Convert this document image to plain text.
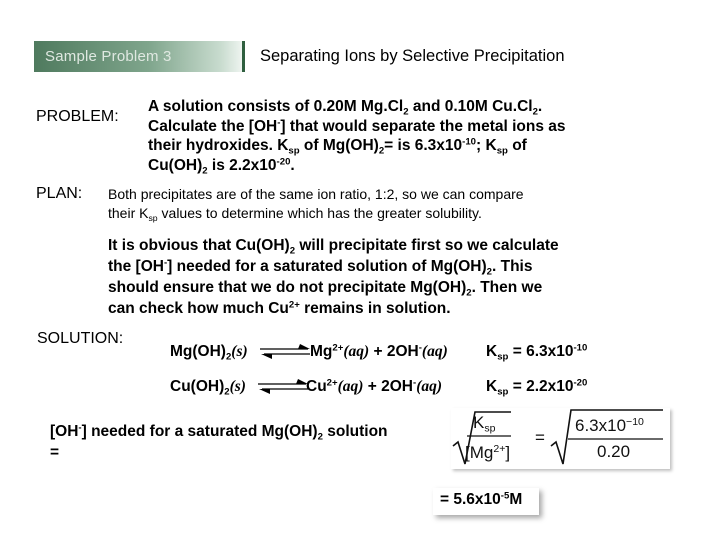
Sample Problem 3	Separating Ions by Selective Precipitation
PROBLEM:
A solution consists of 0.20M $Mg.Cl_2$ and 0.10M $Cu.Cl_2$.
Calculate the [OH-] that would separate the metal ions as
their hydroxides. $K_{sp}$ of $Mg(OH)_2=$ is $6.3x10^{-10}$; $K_{sp}$ of
$Cu(OH)_2$ is $2.2x10^{-20}$.
PLAN: Both precipitates are of the same ion ratio, 1:2, so we can compare
their $K_{sp}$ values to determine which has the greater solubility.
It is obvious that $Cu(OH)_2$ will precipitate first so we calculate
the [OH-] needed for a saturated solution of $Mg(OH)_2$. This
should ensure that we do not precipitate $Mg(OH)_2$. Then we
can check how much $Cu^{2+}$ remains in solution.
SOLUTION:
$Mg(OH)_2(s)$ ⇌
$Mg^{2+}(aq) + 2OH^-(aq) K_{sp} = 6.3x10^{-10}$
$Cu(OH)_2(s)$ ⇌
$Cu^{2+}(aq) + 2OH^-(aq)$	$K_{sp} = 2.2x10^{-20}$
[OH-] needed for a saturated $Mg(OH)_2$ solution
=
$K_{sp}$
$[Mg^{2+}]$
=
$6.3x10^{-10}$
0.20
= $5.6x10^{-5}M$
